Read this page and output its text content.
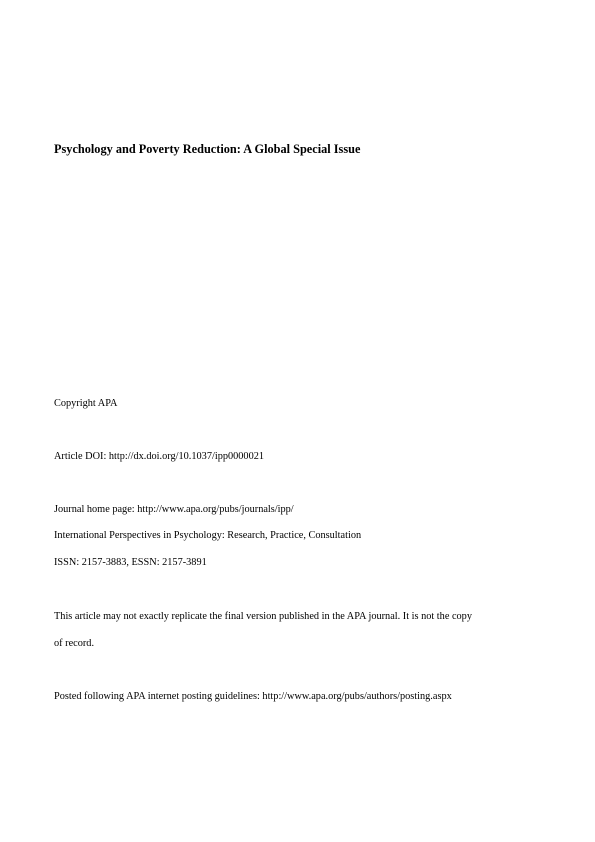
Psychology and Poverty Reduction: A Global Special Issue
Copyright APA
Article DOI: http://dx.doi.org/10.1037/ipp0000021
Journal home page: http://www.apa.org/pubs/journals/ipp/
International Perspectives in Psychology: Research, Practice, Consultation
ISSN: 2157-3883, ESSN: 2157-3891
This article may not exactly replicate the final version published in the APA journal. It is not the copy
of record.
Posted following APA internet posting guidelines: http://www.apa.org/pubs/authors/posting.aspx
